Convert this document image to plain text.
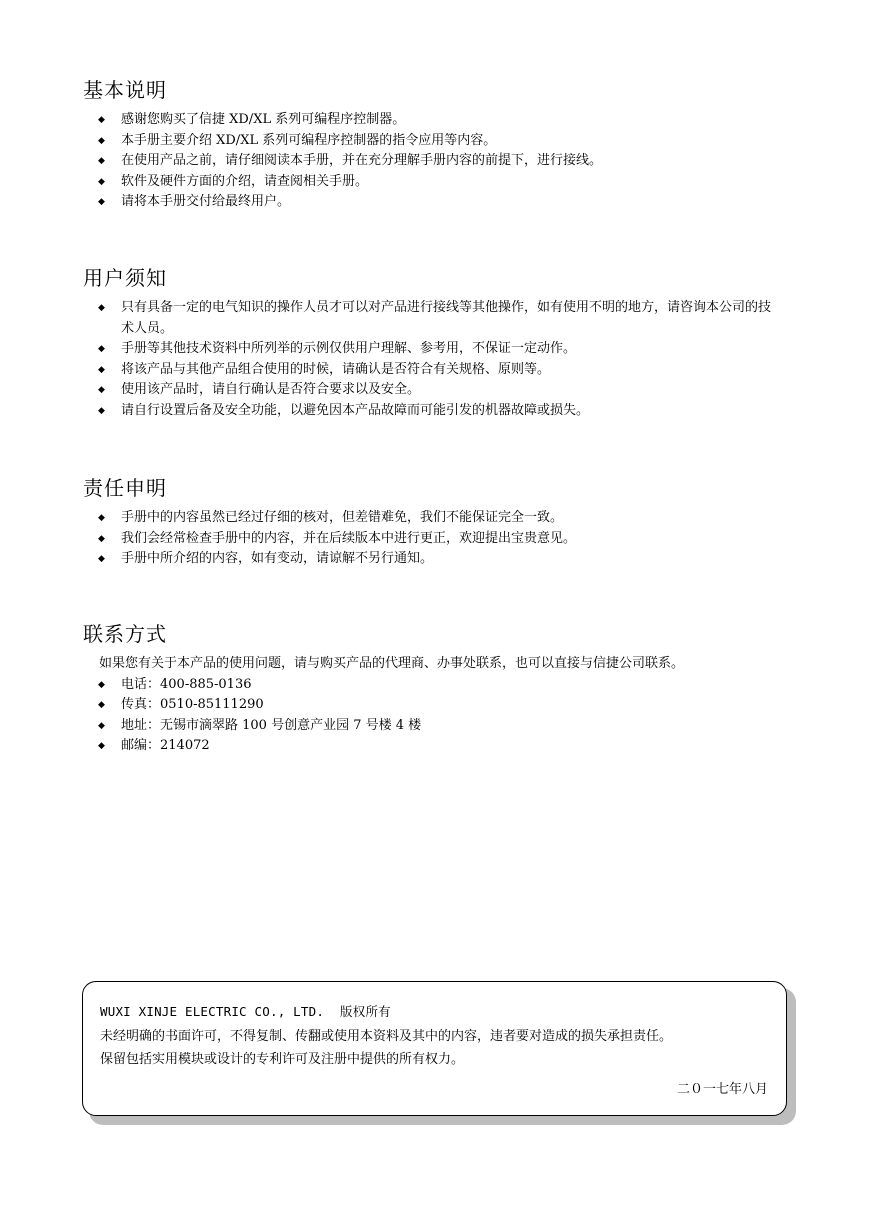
基本说明
◆ 感谢您购买了信捷 XD/XL 系列可编程序控制器。
◆ 本手册主要介绍 XD/XL 系列可编程序控制器的指令应用等内容。
◆ 在使用产品之前，请仔细阅读本手册，并在充分理解手册内容的前提下，进行接线。
◆ 软件及硬件方面的介绍，请查阅相关手册。
◆ 请将本手册交付给最终用户。
用户须知
◆ 只有具备一定的电气知识的操作人员才可以对产品进行接线等其他操作，如有使用不明的地方，请咨询本公司的技术人员。
◆ 手册等其他技术资料中所列举的示例仅供用户理解、参考用，不保证一定动作。
◆ 将该产品与其他产品组合使用的时候，请确认是否符合有关规格、原则等。
◆ 使用该产品时，请自行确认是否符合要求以及安全。
◆ 请自行设置后备及安全功能，以避免因本产品故障而可能引发的机器故障或损失。
责任申明
◆ 手册中的内容虽然已经过仔细的核对，但差错难免，我们不能保证完全一致。
◆ 我们会经常检查手册中的内容，并在后续版本中进行更正，欢迎提出宝贵意见。
◆ 手册中所介绍的内容，如有变动，请谅解不另行通知。
联系方式

如果您有关于本产品的使用问题，请与购买产品的代理商、办事处联系，也可以直接与信捷公司联系。

◆ 电话：400-885-0136
◆ 传真：0510-85111290
◆ 地址：无锡市滴翠路 100 号创意产业园 7 号楼 4 楼
◆ 邮编：214072
WUXI XINJE ELECTRIC CO., LTD. 版权所有
未经明确的书面许可，不得复制、传翻或使用本资料及其中的内容，违者要对造成的损失承担责任。
保留包括实用模块或设计的专利许可及注册中提供的所有权力。
二０一七年八月
